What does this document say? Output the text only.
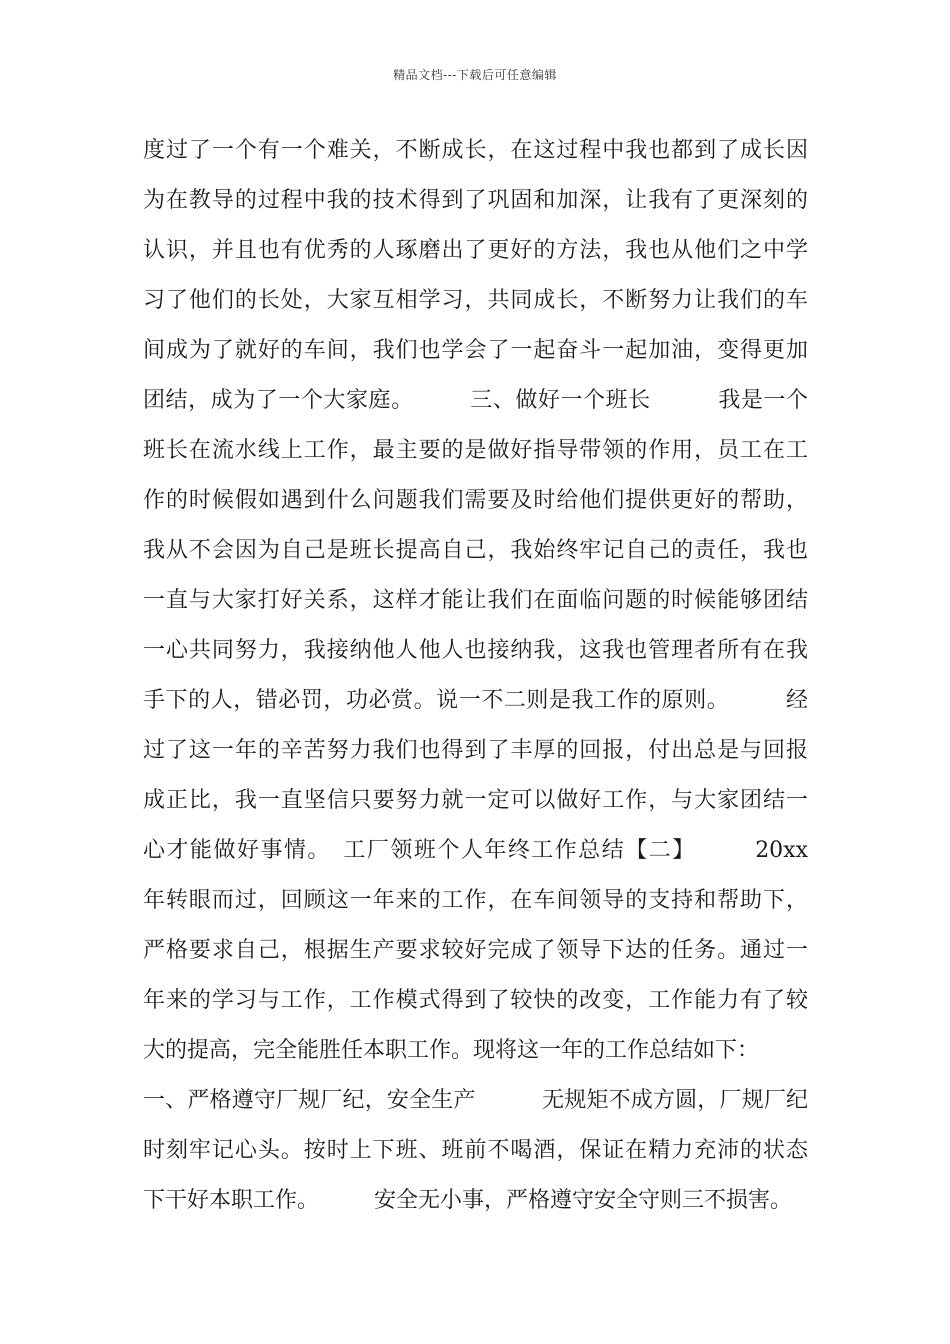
精品文档---下载后可任意编辑
度过了一个有一个难关，不断成长，在这过程中我也都到了成长因
为在教导的过程中我的技术得到了巩固和加深，让我有了更深刻的
认识，并且也有优秀的人琢磨出了更好的方法，我也从他们之中学
习了他们的长处，大家互相学习，共同成长，不断努力让我们的车
间成为了就好的车间，我们也学会了一起奋斗一起加油，变得更加
团结，成为了一个大家庭。　　　三、做好一个班长　　　我是一个
班长在流水线上工作，最主要的是做好指导带领的作用，员工在工
作的时候假如遇到什么问题我们需要及时给他们提供更好的帮助，
我从不会因为自己是班长提高自己，我始终牢记自己的责任，我也
一直与大家打好关系，这样才能让我们在面临问题的时候能够团结
一心共同努力，我接纳他人他人也接纳我，这我也管理者所有在我
手下的人，错必罚，功必赏。说一不二则是我工作的原则。　　　经
过了这一年的辛苦努力我们也得到了丰厚的回报，付出总是与回报
成正比，我一直坚信只要努力就一定可以做好工作，与大家团结一
心才能做好事情。　工厂领班个人年终工作总结【二】　　　20xx
年转眼而过，回顾这一年来的工作，在车间领导的支持和帮助下，
严格要求自己，根据生产要求较好完成了领导下达的任务。通过一
年来的学习与工作，工作模式得到了较快的改变，工作能力有了较
大的提高，完全能胜任本职工作。现将这一年的工作总结如下：
一、严格遵守厂规厂纪，安全生产　　　无规矩不成方圆，厂规厂纪
时刻牢记心头。按时上下班、班前不喝酒，保证在精力充沛的状态
下干好本职工作。　　　安全无小事，严格遵守安全守则三不损害。
